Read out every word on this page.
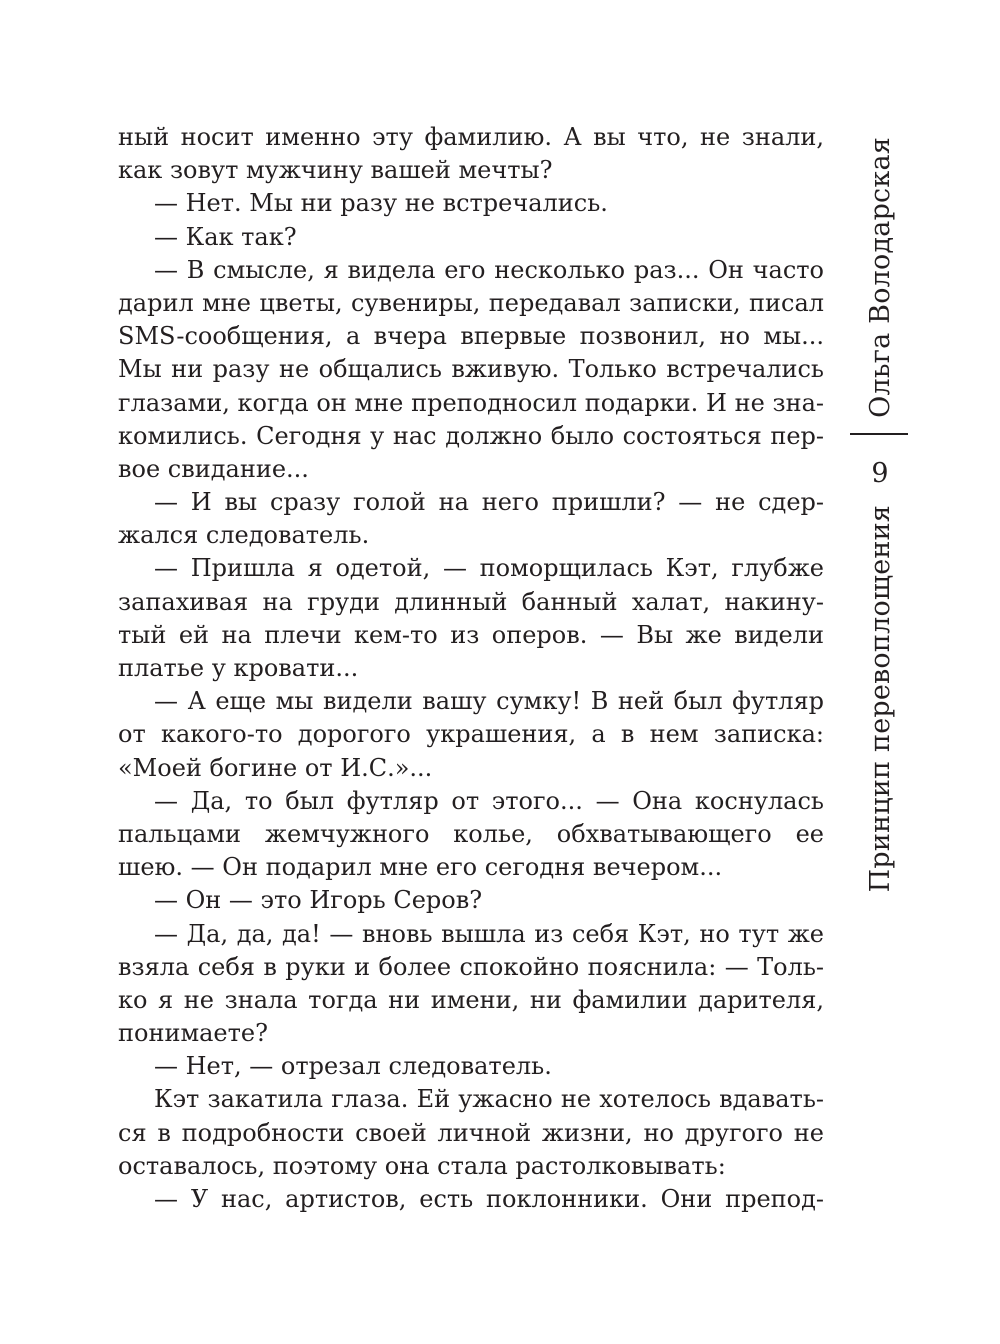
ный носит именно эту фамилию. А вы что, не знали,
как зовут мужчину вашей мечты?
— Нет. Мы ни разу не встречались.
— Как так?
— В смысле, я видела его несколько раз... Он часто
дарил мне цветы, сувениры, передавал записки, писал
SMS-сообщения, а вчера впервые позвонил, но мы...
Мы ни разу не общались вживую. Только встречались
глазами, когда он мне преподносил подарки. И не зна-
комились. Сегодня у нас должно было состояться пер-
вое свидание...
— И вы сразу голой на него пришли? — не сдер-
жался следователь.
— Пришла я одетой, — поморщилась Кэт, глубже
запахивая на груди длинный банный халат, накину-
тый ей на плечи кем-то из оперов. — Вы же видели
платье у кровати...
— А еще мы видели вашу сумку! В ней был футляр
от какого-то дорогого украшения, а в нем записка:
«Моей богине от И.С.»...
— Да, то был футляр от этого... — Она коснулась
пальцами жемчужного колье, обхватывающего ее
шею. — Он подарил мне его сегодня вечером...
— Он — это Игорь Серов?
— Да, да, да! — вновь вышла из себя Кэт, но тут же
взяла себя в руки и более спокойно пояснила: — Толь-
ко я не знала тогда ни имени, ни фамилии дарителя,
понимаете?
— Нет, — отрезал следователь.
Кэт закатила глаза. Ей ужасно не хотелось вдавать-
ся в подробности своей личной жизни, но другого не
оставалось, поэтому она стала растолковывать:
— У нас, артистов, есть поклонники. Они препод-
Ольга Володарская
9
Принцип перевоплощения
